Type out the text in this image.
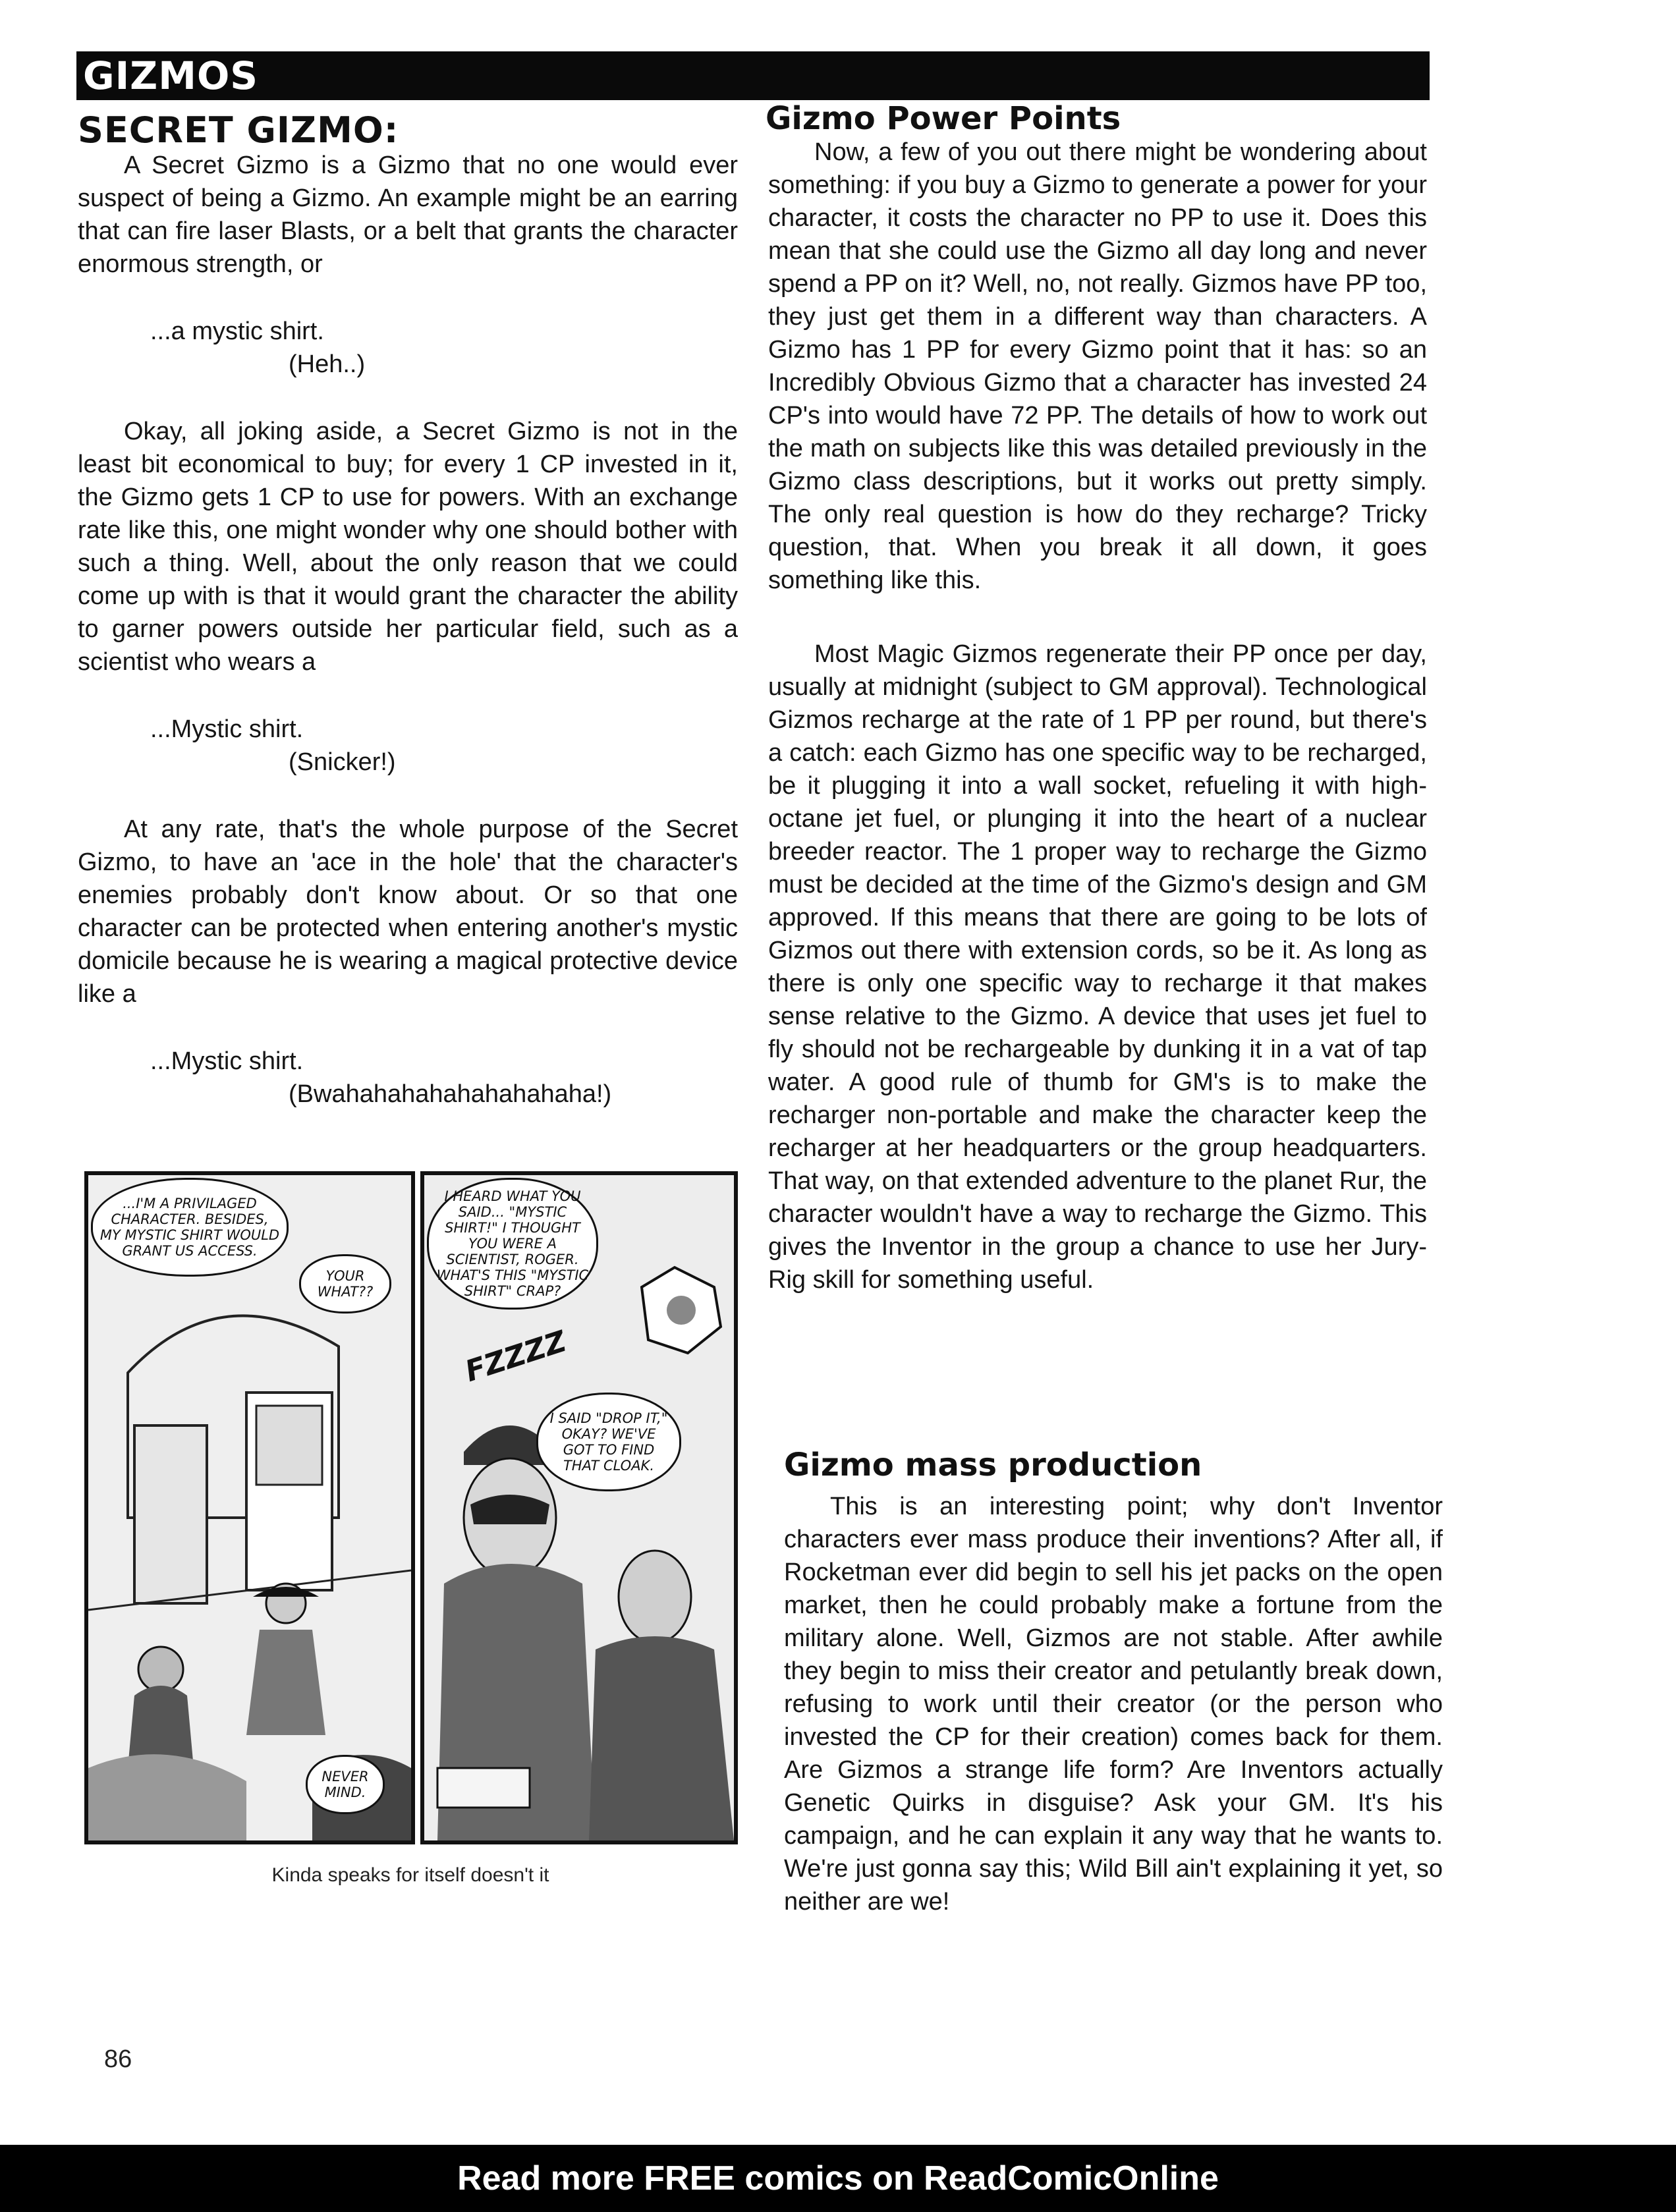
GIZMOS
SECRET GIZMO:

A Secret Gizmo is a Gizmo that no one would ever suspect of being a Gizmo. An example might be an earring that can fire laser Blasts, or a belt that grants the character enormous strength, or

...a mystic shirt.
(Heh..)

Okay, all joking aside, a Secret Gizmo is not in the least bit economical to buy; for every 1 CP invested in it, the Gizmo gets 1 CP to use for powers. With an exchange rate like this, one might wonder why one should bother with such a thing. Well, about the only reason that we could come up with is that it would grant the character the ability to garner powers outside her particular field, such as a scientist who wears a

...Mystic shirt.
(Snicker!)

At any rate, that's the whole purpose of the Secret Gizmo, to have an 'ace in the hole' that the character's enemies probably don't know about. Or so that one character can be protected when entering another's mystic domicile because he is wearing a magical protective device like a

...Mystic shirt.
(Bwahahahahahahahahaha!)
...I'M A PRIVILAGED CHARACTER. BESIDES, MY MYSTIC SHIRT WOULD GRANT US ACCESS.
YOUR WHAT??
NEVER MIND.
I HEARD WHAT YOU SAID... "MYSTIC SHIRT!" I THOUGHT YOU WERE A SCIENTIST, ROGER. WHAT'S THIS "MYSTIC SHIRT" CRAP?
FZZZZ
I SAID "DROP IT," OKAY? WE'VE GOT TO FIND THAT CLOAK.
Kinda speaks for itself doesn't it
Gizmo Power Points

Now, a few of you out there might be wondering about something: if you buy a Gizmo to generate a power for your character, it costs the character no PP to use it. Does this mean that she could use the Gizmo all day long and never spend a PP on it? Well, no, not really. Gizmos have PP too, they just get them in a different way than characters. A Gizmo has 1 PP for every Gizmo point that it has: so an Incredibly Obvious Gizmo that a character has invested 24 CP's into would have 72 PP. The details of how to work out the math on subjects like this was detailed previously in the Gizmo class descriptions, but it works out pretty simply. The only real question is how do they recharge? Tricky question, that. When you break it all down, it goes something like this.

Most Magic Gizmos regenerate their PP once per day, usually at midnight (subject to GM approval). Technological Gizmos recharge at the rate of 1 PP per round, but there's a catch: each Gizmo has one specific way to be recharged, be it plugging it into a wall socket, refueling it with high-octane jet fuel, or plunging it into the heart of a nuclear breeder reactor. The 1 proper way to recharge the Gizmo must be decided at the time of the Gizmo's design and GM approved. If this means that there are going to be lots of Gizmos out there with extension cords, so be it. As long as there is only one specific way to recharge it that makes sense relative to the Gizmo. A device that uses jet fuel to fly should not be rechargeable by dunking it in a vat of tap water. A good rule of thumb for GM's is to make the recharger non-portable and make the character keep the recharger at her headquarters or the group headquarters. That way, on that extended adventure to the planet Rur, the character wouldn't have a way to recharge the Gizmo. This gives the Inventor in the group a chance to use her Jury-Rig skill for something useful.

Gizmo mass production

This is an interesting point; why don't Inventor characters ever mass produce their inventions? After all, if Rocketman ever did begin to sell his jet packs on the open market, then he could probably make a fortune from the military alone. Well, Gizmos are not stable. After awhile they begin to miss their creator and petulantly break down, refusing to work until their creator (or the person who invested the CP for their creation) comes back for them. Are Gizmos a strange life form? Are Inventors actually Genetic Quirks in disguise? Ask your GM. It's his campaign, and he can explain it any way that he wants to. We're just gonna say this; Wild Bill ain't explaining it yet, so neither are we!

86
Read more FREE comics on ReadComicOnline
